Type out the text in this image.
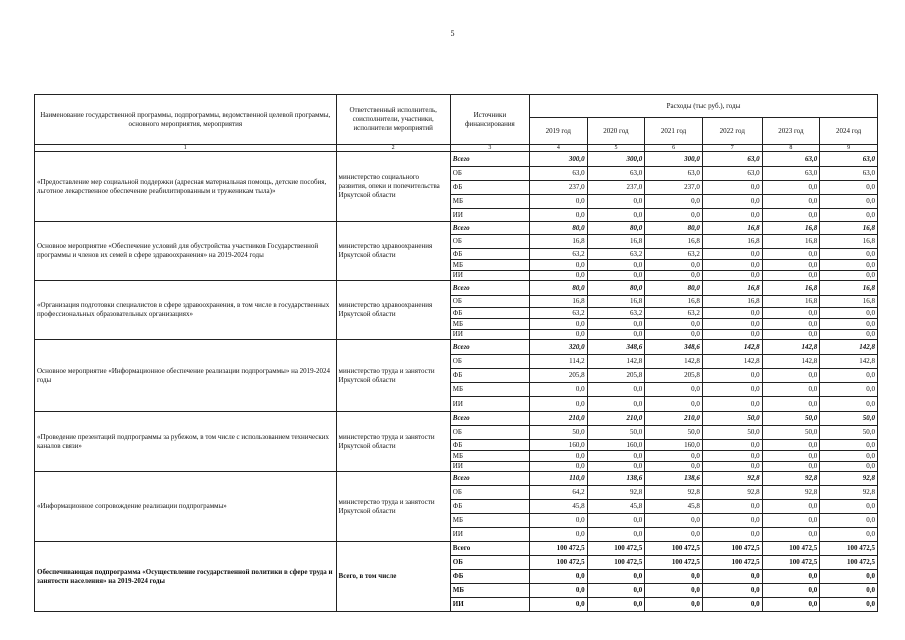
5
Наименование государственной программы, подпрограммы, ведомственной целевой программы, основного мероприятия, мероприятия	Ответственный исполнитель, соисполнители, участники, исполнители мероприятий	Источники финансирования	Расходы (тыс руб.), годы					
			2019 год	2020 год	2021 год	2022 год	2023 год	2024 год
1	2	3	4	5	6	7	8	9
«Предоставление мер социальной поддержки (адресная материальная помощь, детские пособия, льготное лекарственное обеспечение реабилитированным и труженикам тыла)»	министерство социального развития, опеки и попечительства Иркутской области	Всего	300,0	300,0	300,0	63,0	63,0	63,0
		ОБ	63,0	63,0	63,0	63,0	63,0	63,0
		ФБ	237,0	237,0	237,0	0,0	0,0	0,0
		МБ	0,0	0,0	0,0	0,0	0,0	0,0
		ИИ	0,0	0,0	0,0	0,0	0,0	0,0
Основное мероприятие «Обеспечение условий для обустройства участников Государственной программы и членов их семей в сфере здравоохранения» на 2019-2024 годы	министерство здравоохранения Иркутской области	Всего	80,0	80,0	80,0	16,8	16,8	16,8
		ОБ	16,8	16,8	16,8	16,8	16,8	16,8
		ФБ	63,2	63,2	63,2	0,0	0,0	0,0
		МБ	0,0	0,0	0,0	0,0	0,0	0,0
		ИИ	0,0	0,0	0,0	0,0	0,0	0,0
«Организация подготовки специалистов в сфере здравоохранения, в том числе в государственных профессиональных образовательных организациях»	министерство здравоохранения Иркутской области	Всего	80,0	80,0	80,0	16,8	16,8	16,8
		ОБ	16,8	16,8	16,8	16,8	16,8	16,8
		ФБ	63,2	63,2	63,2	0,0	0,0	0,0
		МБ	0,0	0,0	0,0	0,0	0,0	0,0
		ИИ	0,0	0,0	0,0	0,0	0,0	0,0
Основное мероприятие «Информационное обеспечение реализации подпрограммы» на 2019-2024 годы	министерство труда и занятости Иркутской области	Всего	320,0	348,6	348,6	142,8	142,8	142,8
		ОБ	114,2	142,8	142,8	142,8	142,8	142,8
		ФБ	205,8	205,8	205,8	0,0	0,0	0,0
		МБ	0,0	0,0	0,0	0,0	0,0	0,0
		ИИ	0,0	0,0	0,0	0,0	0,0	0,0
«Проведение презентаций подпрограммы за рубежом, в том числе с использованием технических каналов связи»	министерство труда и занятости Иркутской области	Всего	210,0	210,0	210,0	50,0	50,0	50,0
		ОБ	50,0	50,0	50,0	50,0	50,0	50,0
		ФБ	160,0	160,0	160,0	0,0	0,0	0,0
		МБ	0,0	0,0	0,0	0,0	0,0	0,0
		ИИ	0,0	0,0	0,0	0,0	0,0	0,0
«Информационное сопровождение реализации подпрограммы»	министерство труда и занятости Иркутской области	Всего	110,0	138,6	138,6	92,8	92,8	92,8
		ОБ	64,2	92,8	92,8	92,8	92,8	92,8
		ФБ	45,8	45,8	45,8	0,0	0,0	0,0
		МБ	0,0	0,0	0,0	0,0	0,0	0,0
		ИИ	0,0	0,0	0,0	0,0	0,0	0,0
Обеспечивающая подпрограмма «Осуществление государственной политики в сфере труда и занятости населения» на 2019-2024 годы	Всего, в том числе	Всего	100 472,5	100 472,5	100 472,5	100 472,5	100 472,5	100 472,5
		ОБ	100 472,5	100 472,5	100 472,5	100 472,5	100 472,5	100 472,5
		ФБ	0,0	0,0	0,0	0,0	0,0	0,0
		МБ	0,0	0,0	0,0	0,0	0,0	0,0
		ИИ	0,0	0,0	0,0	0,0	0,0	0,0
